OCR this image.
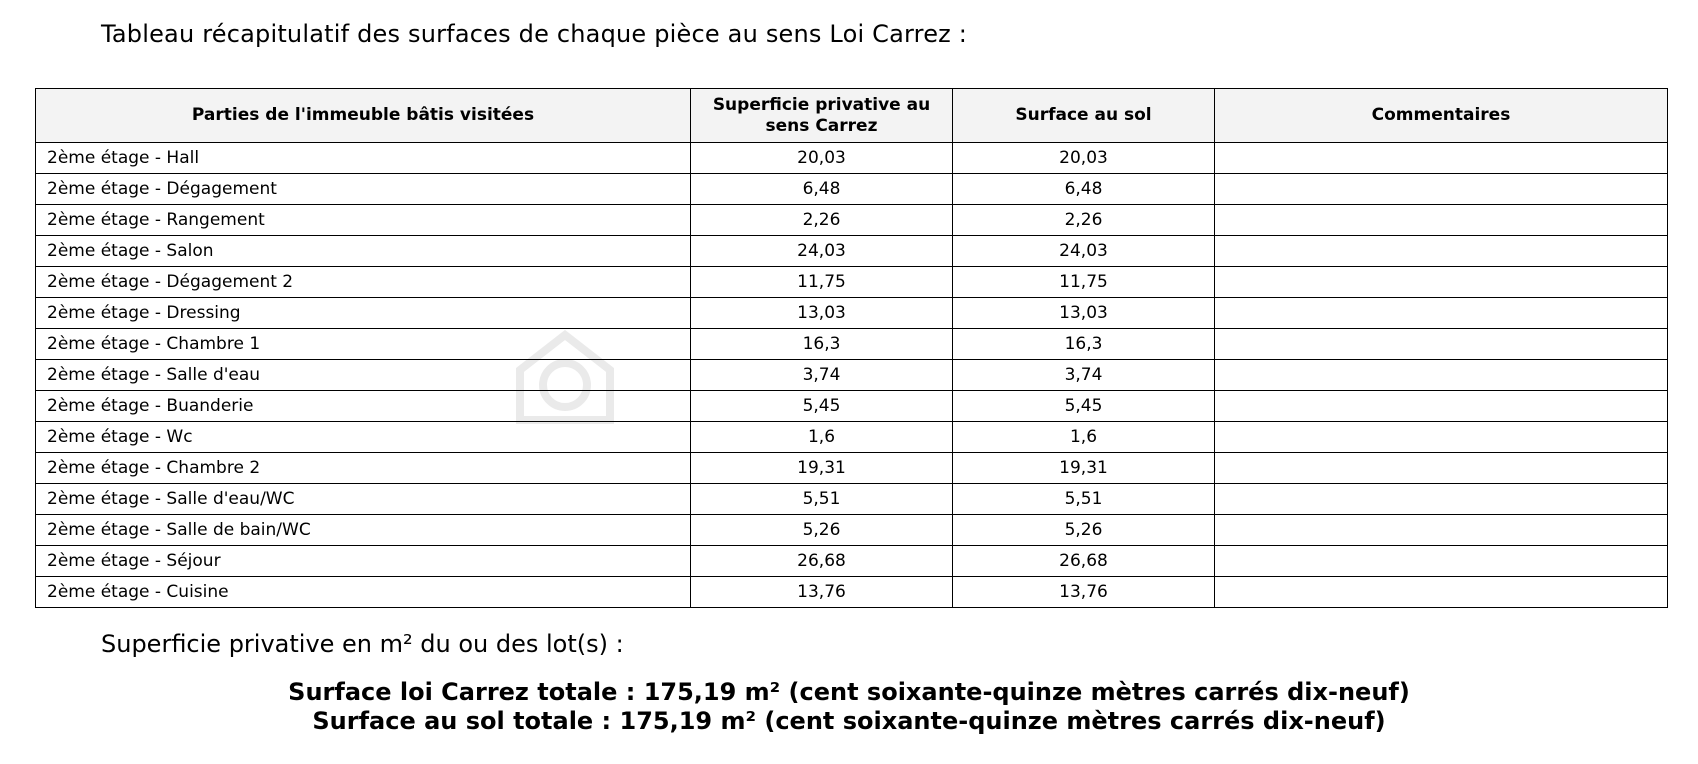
Tableau récapitulatif des surfaces de chaque pièce au sens Loi Carrez :
Parties de l'immeuble bâtis visitées	Superficie privative au sens Carrez	Surface au sol	Commentaires
2ème étage - Hall	20,03	20,03	
2ème étage - Dégagement	6,48	6,48	
2ème étage - Rangement	2,26	2,26	
2ème étage - Salon	24,03	24,03	
2ème étage - Dégagement 2	11,75	11,75	
2ème étage - Dressing	13,03	13,03	
2ème étage - Chambre 1	16,3	16,3	
2ème étage - Salle d'eau	3,74	3,74	
2ème étage - Buanderie	5,45	5,45	
2ème étage - Wc	1,6	1,6	
2ème étage - Chambre 2	19,31	19,31	
2ème étage - Salle d'eau/WC	5,51	5,51	
2ème étage - Salle de bain/WC	5,26	5,26	
2ème étage - Séjour	26,68	26,68	
2ème étage - Cuisine	13,76	13,76	
Superficie privative en m² du ou des lot(s) :
Surface loi Carrez totale : 175,19 m² (cent soixante-quinze mètres carrés dix-neuf)
Surface au sol totale : 175,19 m² (cent soixante-quinze mètres carrés dix-neuf)
